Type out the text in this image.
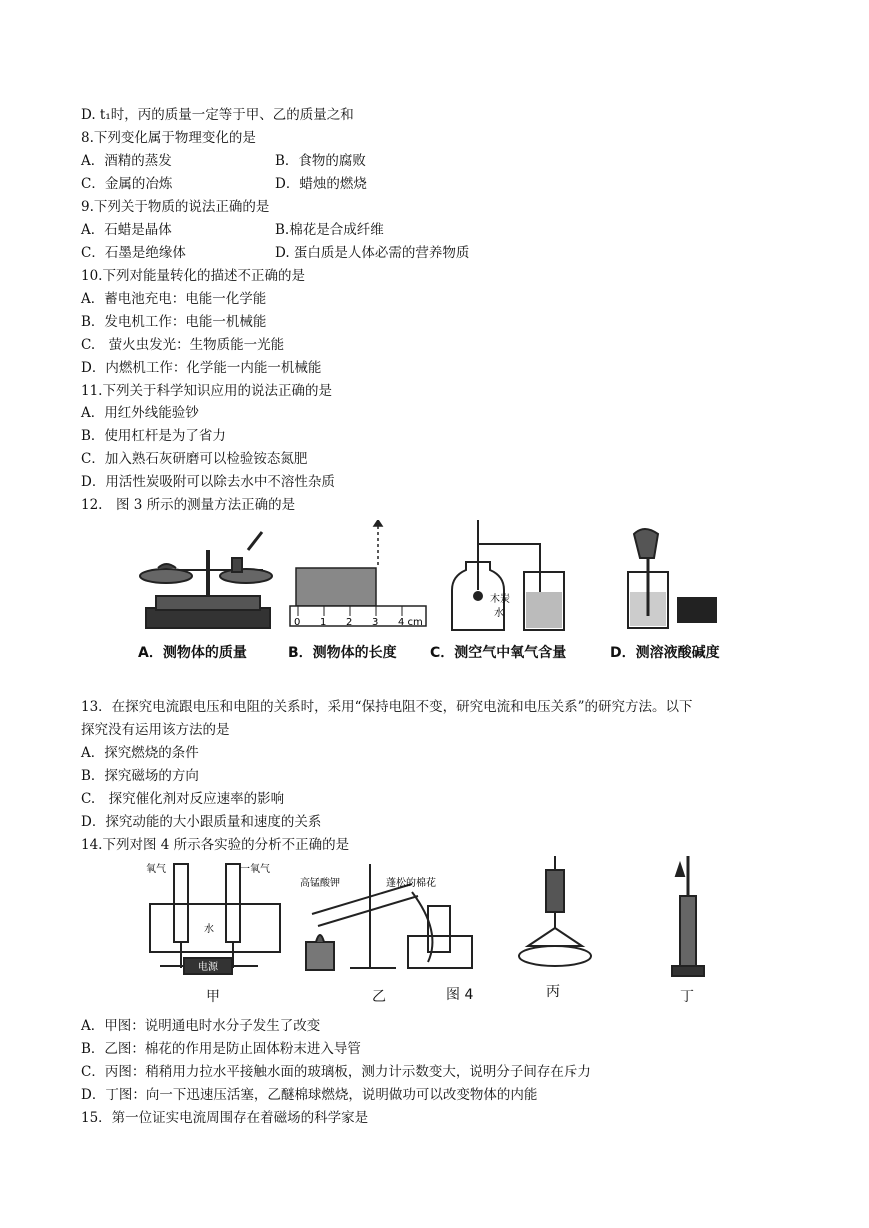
D. t₁时，丙的质量一定等于甲、乙的质量之和
8.下列变化属于物理变化的是
A．酒精的蒸发	B．食物的腐败
C．金属的冶炼	D．蜡烛的燃烧
9.下列关于物质的说法正确的是
A．石蜡是晶体	B.棉花是合成纤维
C．石墨是绝缘体	D. 蛋白质是人体必需的营养物质
10.下列对能量转化的描述不正确的是
A．蓄电池充电：电能一化学能
B．发电机工作：电能一机械能
C.　萤火虫发光：生物质能一光能
D．内燃机工作：化学能一内能一机械能
11.下列关于科学知识应用的说法正确的是
A．用红外线能验钞
B．使用杠杆是为了省力
C．加入熟石灰研磨可以检验铵态氮肥
D．用活性炭吸附可以除去水中不溶性杂质
12.　图 3 所示的测量方法正确的是
0 1 2 3 4 cm
木炭
水
A．测物体的质量	B．测物体的长度 C．测空气中氧气含量	D．测溶液酸碱度
13．在探究电流跟电压和电阻的关系时，采用“保持电阻不变，研究电流和电压关系”的研究方法。以下
探究没有运用该方法的是
A．探究燃烧的条件
B．探究磁场的方向
C.　探究催化剂对反应速率的影响
D．探究动能的大小跟质量和速度的关系
14.下列对图 4 所示各实验的分析不正确的是
电源
氧气	一氧气
水
高锰酸钾	蓬松的棉花
丙
甲	乙	图 4	丁
A．甲图：说明通电时水分子发生了改变
B．乙图：棉花的作用是防止固体粉末进入导管
C．丙图：稍稍用力拉水平接触水面的玻璃板，测力计示数变大，说明分子间存在斥力
D．丁图：向一下迅速压活塞，乙醚棉球燃烧，说明做功可以改变物体的内能
15．第一位证实电流周围存在着磁场的科学家是
